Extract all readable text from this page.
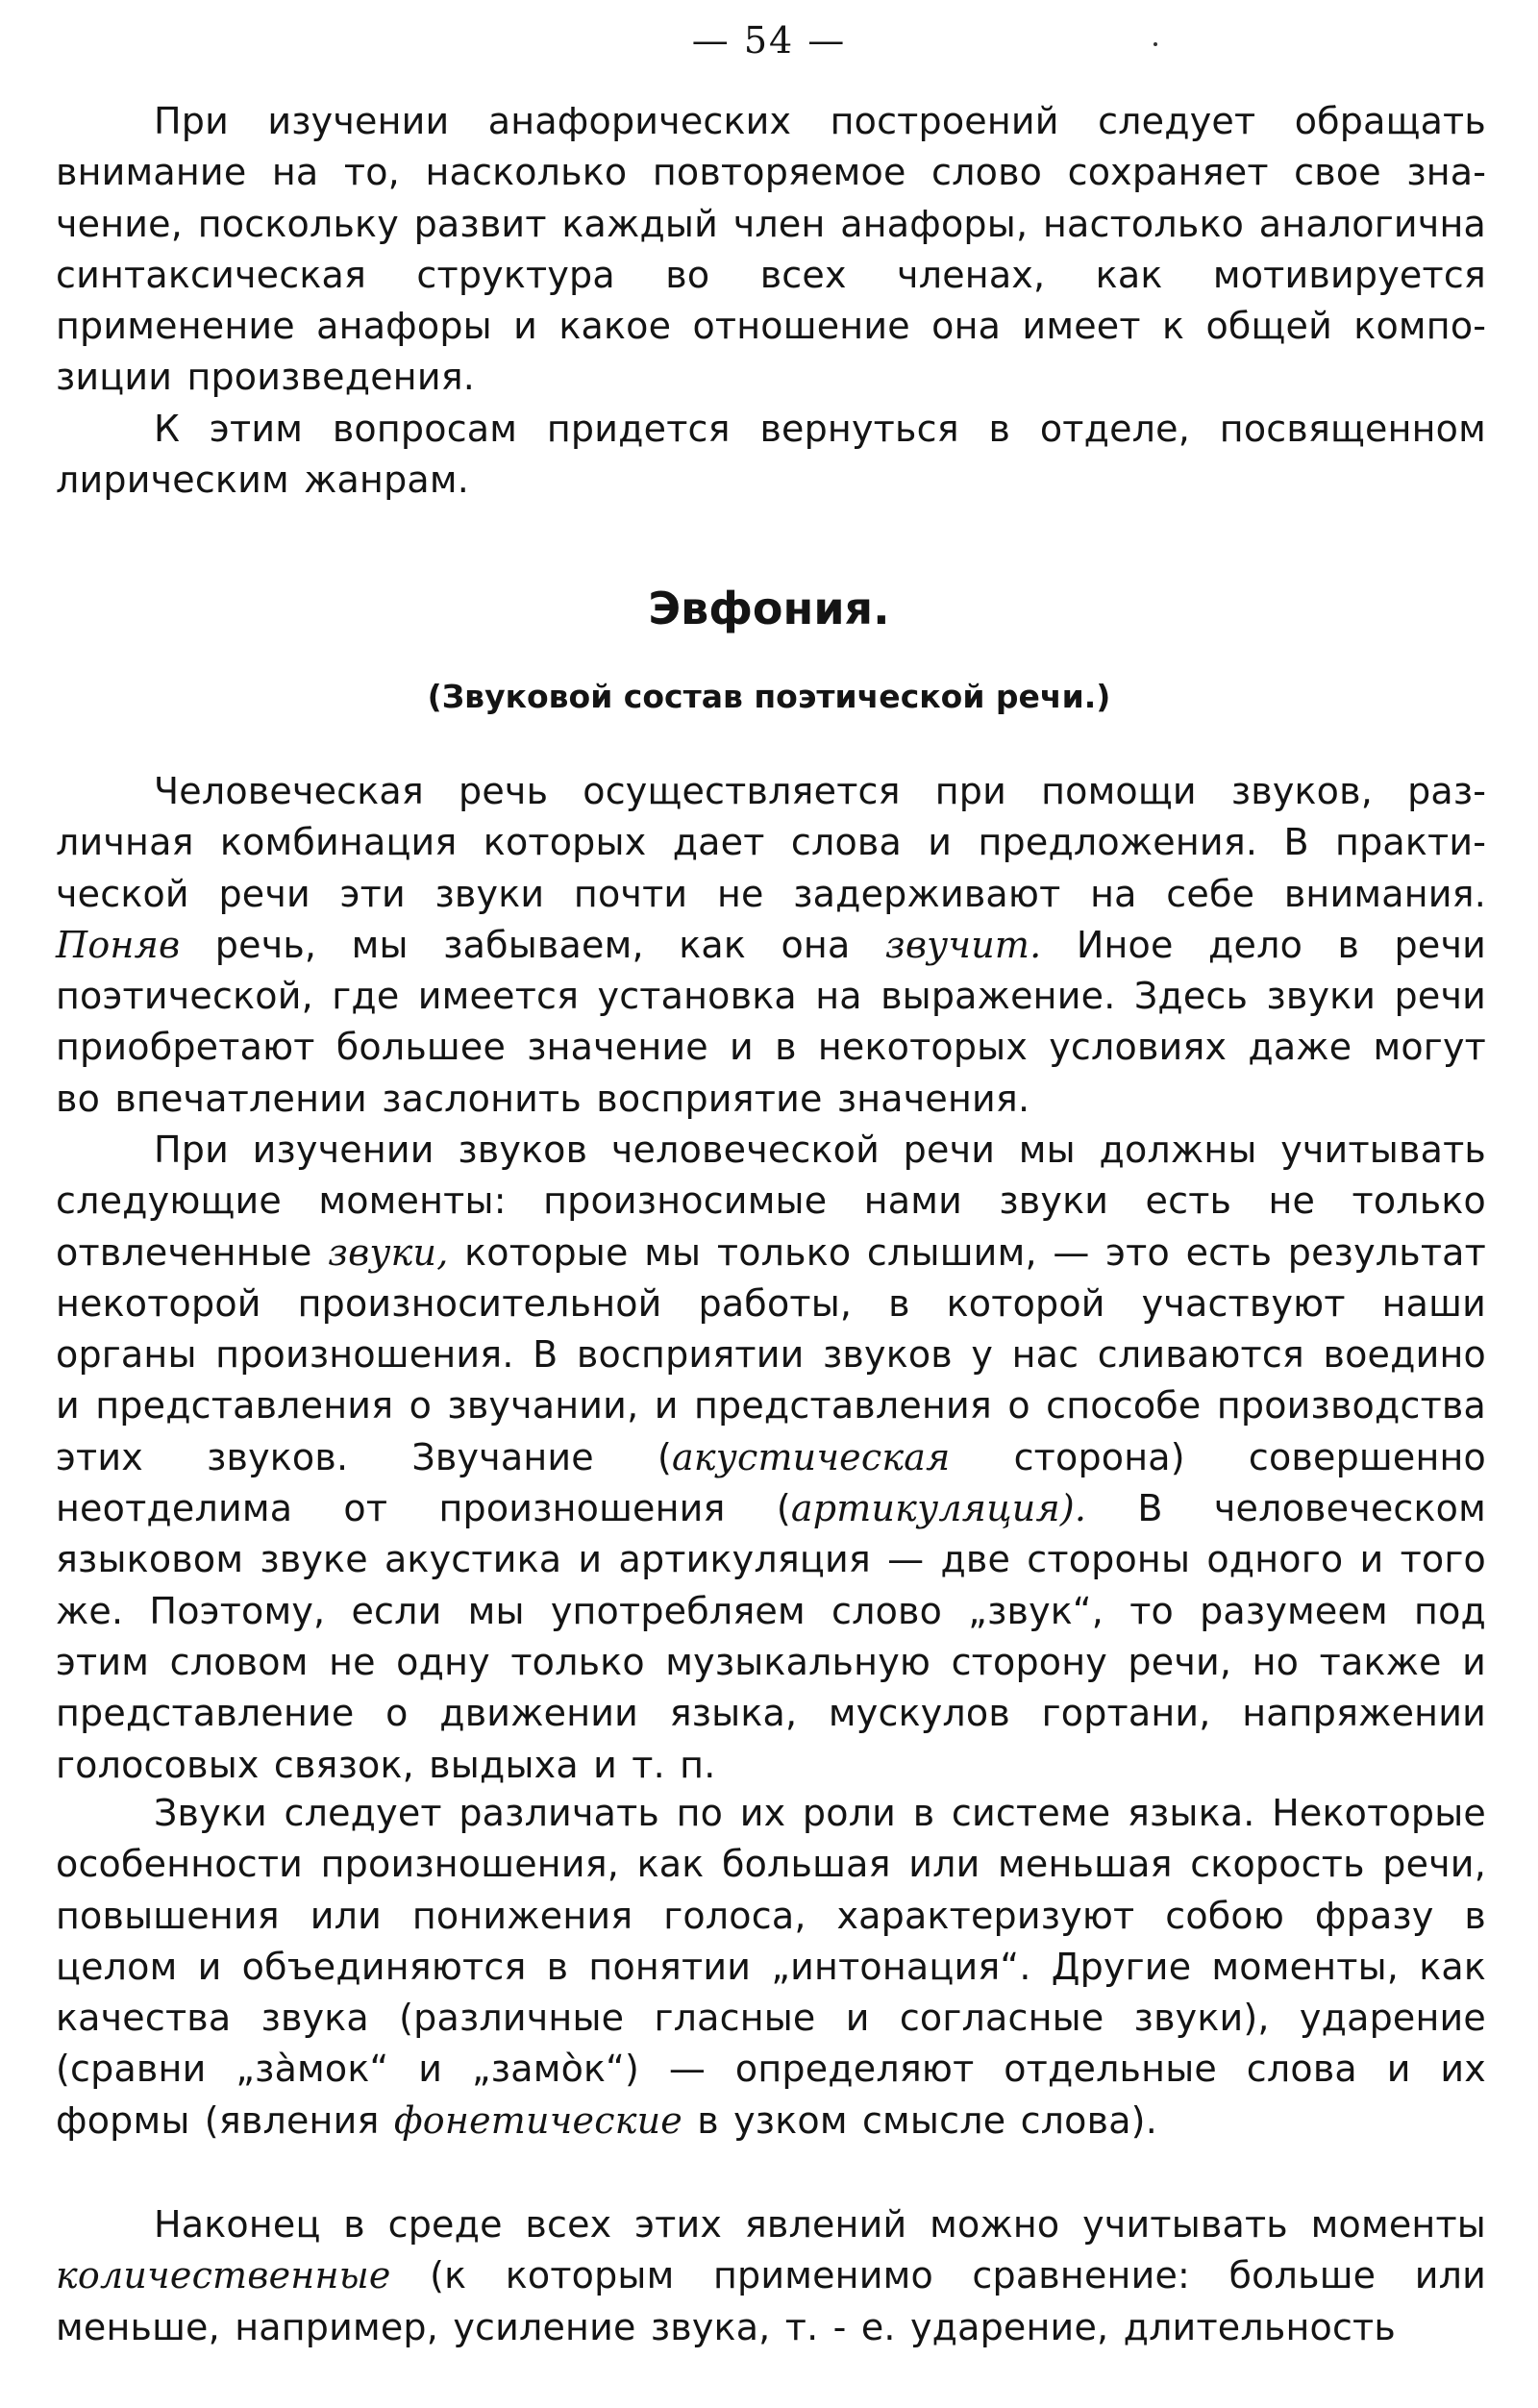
— 54 —

При изучении анафорических построений следует обращать внимание на то, насколько повторяемое слово сохраняет свое значение, поскольку развит каждый член анафоры, настолько аналогична синтаксическая структура во всех членах, как мотивируется применение анафоры и какое отношение она имеет к общей композиции произведения.

К этим вопросам придется вернуться в отделе, посвященном лирическим жанрам.

Эвфония.
(Звуковой состав поэтической речи.)

Человеческая речь осуществляется при помощи звуков, различная комбинация которых дает слова и предложения. В практической речи эти звуки почти не задерживают на себе внимания. Поняв речь, мы забываем, как она звучит. Иное дело в речи поэтической, где имеется установка на выражение. Здесь звуки речи приобретают большее значение и в некоторых условиях даже могут во впечатлении заслонить восприятие значения.

При изучении звуков человеческой речи мы должны учитывать следующие моменты: произносимые нами звуки есть не только отвлеченные звуки, которые мы только слышим, — это есть результат некоторой произносительной работы, в которой участвуют наши органы произношения. В восприятии звуков у нас сливаются воедино и представления о звучании, и представления о способе производства этих звуков. Звучание (акустическая сторона) совершенно неотделима от произношения (артикуляция). В человеческом языковом звуке акустика и артикуляция — две стороны одного и того же. Поэтому, если мы употребляем слово „звук“, то разумеем под этим словом не одну только музыкальную сторону речи, но также и представление о движении языка, мускулов гортани, напряжении голосовых связок, выдыха и т. п.

Звуки следует различать по их роли в системе языка. Некоторые особенности произношения, как большая или меньшая скорость речи, повышения или понижения голоса, характеризуют собою фразу в целом и объединяются в понятии „интонация“. Другие моменты, как качества звука (различные гласные и согласные звуки), ударение (сравни „за̀мок“ и „замо̀к“) — определяют отдельные слова и их формы (явления фонетические в узком смысле слова).

Наконец в среде всех этих явлений можно учитывать моменты количественные (к которым применимо сравнение: больше или меньше, например, усиление звука, т. - е. ударение, длительность
